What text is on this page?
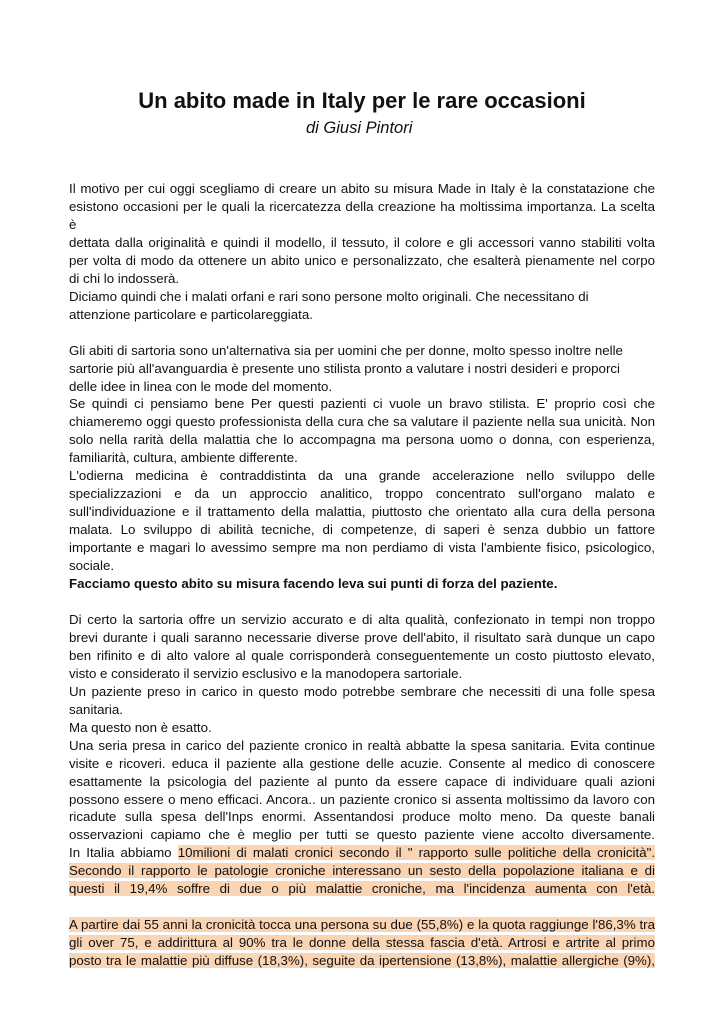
Un abito made in Italy per le rare occasioni

di Giusi Pintori

Il motivo per cui oggi scegliamo di creare un abito su misura Made in Italy è la constatazione che

esistono occasioni per le quali la ricercatezza della creazione ha moltissima importanza. La scelta è

dettata dalla originalità e quindi il modello, il tessuto, il colore e gli accessori vanno stabiliti volta

per volta di modo da ottenere un abito unico e personalizzato, che esalterà pienamente nel corpo

di chi lo indosserà.

Diciamo quindi che i malati orfani e rari sono persone molto originali. Che necessitano di

attenzione particolare e particolareggiata.

Gli abiti di sartoria sono un'alternativa sia per uomini che per donne, molto spesso inoltre nelle

sartorie più all'avanguardia è presente uno stilista pronto a valutare i nostri desideri e proporci

delle idee in linea con le mode del momento.

Se quindi ci pensiamo bene Per questi pazienti ci vuole un bravo stilista. E' proprio così che

chiameremo oggi questo professionista della cura che sa valutare il paziente nella sua unicità. Non

solo nella rarità della malattia che lo accompagna ma persona uomo o donna, con esperienza,

familiarità, cultura, ambiente differente.

L'odierna medicina è contraddistinta da una grande accelerazione nello sviluppo delle

specializzazioni e da un approccio analitico, troppo concentrato sull'organo malato e

sull'individuazione e il trattamento della malattia, piuttosto che orientato alla cura della persona

malata. Lo sviluppo di abilità tecniche, di competenze, di saperi è senza dubbio un fattore

importante e magari lo avessimo sempre ma non perdiamo di vista l'ambiente fisico, psicologico,

sociale.

Facciamo questo abito su misura facendo leva sui punti di forza del paziente.

Di certo la sartoria offre un servizio accurato e di alta qualità, confezionato in tempi non troppo

brevi durante i quali saranno necessarie diverse prove dell'abito, il risultato sarà dunque un capo

ben rifinito e di alto valore al quale corrisponderà conseguentemente un costo piuttosto elevato,

visto e considerato il servizio esclusivo e la manodopera sartoriale.

Un paziente preso in carico in questo modo potrebbe sembrare che necessiti di una folle spesa

sanitaria.

Ma questo non è esatto.

Una seria presa in carico del paziente cronico in realtà abbatte la spesa sanitaria. Evita continue

visite e ricoveri. educa il paziente alla gestione delle acuzie. Consente al medico di conoscere

esattamente la psicologia del paziente al punto da essere capace di individuare quali azioni

possono essere o meno efficaci. Ancora.. un paziente cronico si assenta moltissimo da lavoro con

ricadute sulla spesa dell'Inps enormi. Assentandosi produce molto meno. Da queste banali

osservazioni capiamo che è meglio per tutti se questo paziente viene accolto diversamente.

In Italia abbiamo 10milioni di malati cronici secondo il " rapporto sulle politiche della cronicità".

Secondo il rapporto le patologie croniche interessano un sesto della popolazione italiana e di

questi il 19,4% soffre di due o più malattie croniche, ma l'incidenza aumenta con l'età.

A partire dai 55 anni la cronicità tocca una persona su due (55,8%) e la quota raggiunge l'86,3% tra

gli over 75, e addirittura al 90% tra le donne della stessa fascia d'età. Artrosi e artrite al primo

posto tra le malattie più diffuse (18,3%), seguite da ipertensione (13,8%), malattie allergiche (9%),
